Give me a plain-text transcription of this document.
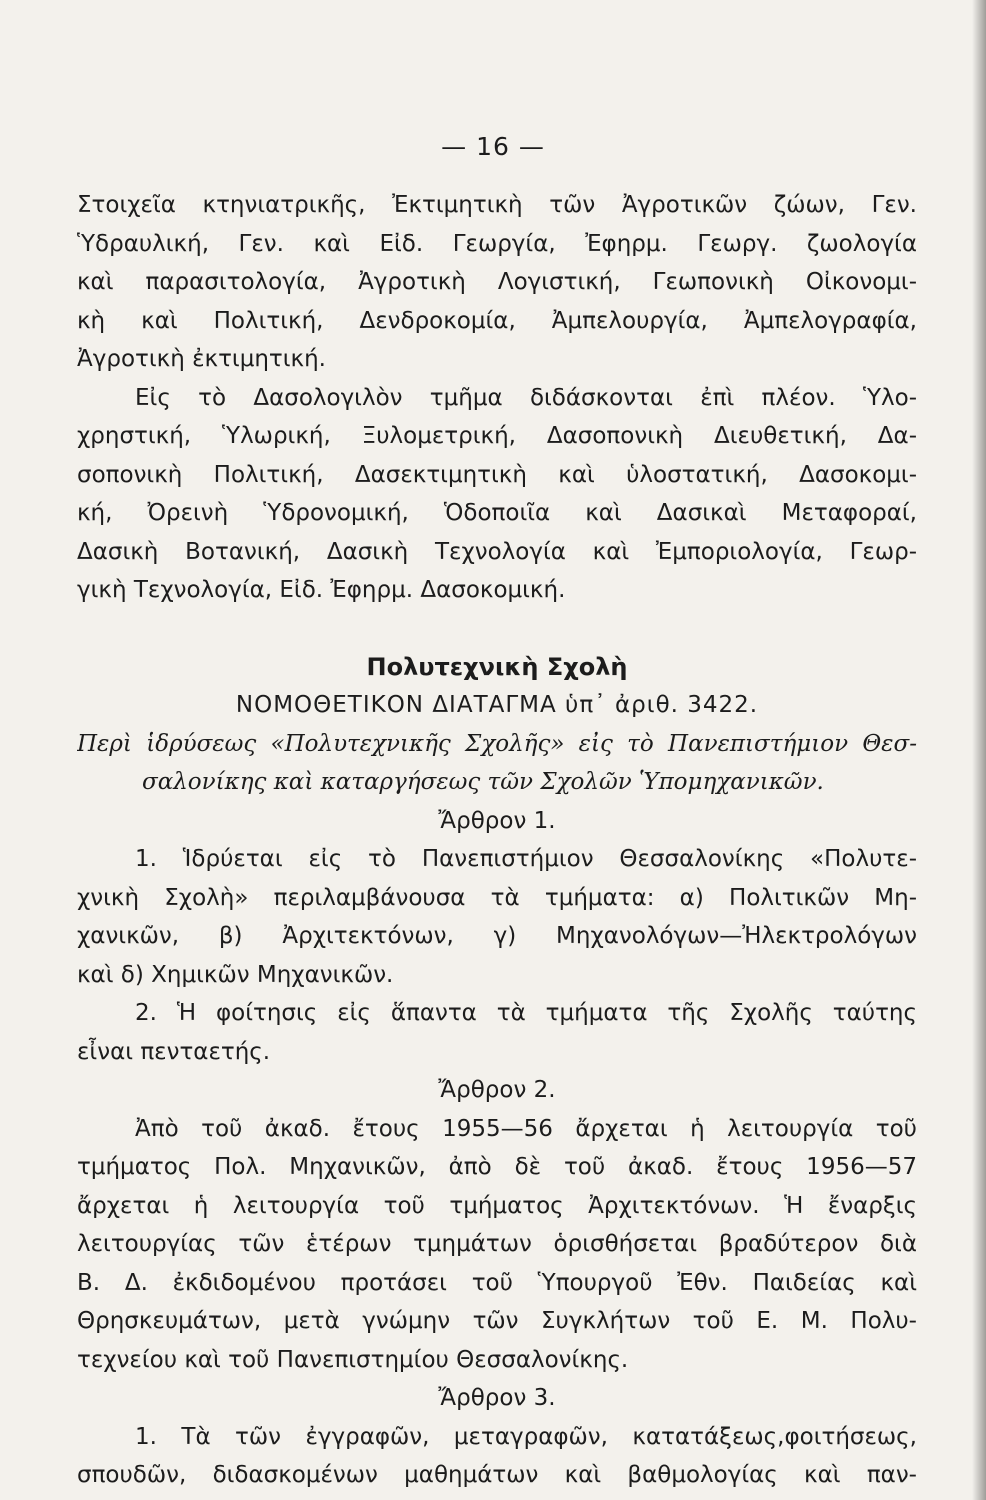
— 16 —
Στοιχεῖα κτηνιατρικῆς, Ἐκτιμητικὴ τῶν Ἀγροτικῶν ζώων, Γεν.
Ὑδραυλική, Γεν. καὶ Εἰδ. Γεωργία, Ἐφηρμ. Γεωργ. ζωολογία
καὶ παρασιτολογία, Ἀγροτικὴ Λογιστική, Γεωπονικὴ Οἰκονομι-
κὴ καὶ Πολιτική, Δενδροκομία, Ἀμπελουργία, Ἀμπελογραφία,
Ἀγροτικὴ ἐκτιμητική.
Εἰς τὸ Δασολογιλὸν τμῆμα διδάσκονται ἐπὶ πλέον. Ὑλο-
χρηστική, Ὑλωρική, Ξυλομετρική, Δασοπονικὴ Διευθετική, Δα-
σοπονικὴ Πολιτική, Δασεκτιμητικὴ καὶ ὑλοστατική, Δασοκομι-
κή, Ὀρεινὴ Ὑδρονομική, Ὁδοποιῖα καὶ Δασικαὶ Μεταφοραί,
Δασικὴ Βοτανική, Δασικὴ Τεχνολογία καὶ Ἐμποριολογία, Γεωρ-
γικὴ Τεχνολογία, Εἰδ. Ἐφηρμ. Δασοκομική.
Πολυτεχνικὴ Σχολὴ
ΝΟΜΟΘΕΤΙΚΟΝ ΔΙΑΤΑΓΜΑ ὑπ᾽ ἀριθ. 3422.
Περὶ ἱδρύσεως «Πολυτεχνικῆς Σχολῆς» εἰς τὸ Πανεπιστήμιον Θεσ-
σαλονίκης καὶ καταργήσεως τῶν Σχολῶν Ὑπομηχανικῶν.
Ἄρθρον 1.
1. Ἱδρύεται εἰς τὸ Πανεπιστήμιον Θεσσαλονίκης «Πολυτε-
χνικὴ Σχολὴ» περιλαμβάνουσα τὰ τμήματα: α) Πολιτικῶν Μη-
χανικῶν, β) Ἀρχιτεκτόνων, γ) Μηχανολόγων—Ἠλεκτρολόγων
καὶ δ) Χημικῶν Μηχανικῶν.
2. Ἡ φοίτησις εἰς ἅπαντα τὰ τμήματα τῆς Σχολῆς ταύτης
εἶναι πενταετής.
Ἄρθρον 2.
Ἀπὸ τοῦ ἀκαδ. ἔτους 1955—56 ἄρχεται ἡ λειτουργία τοῦ
τμήματος Πολ. Μηχανικῶν, ἀπὸ δὲ τοῦ ἀκαδ. ἔτους 1956—57
ἄρχεται ἡ λειτουργία τοῦ τμήματος Ἀρχιτεκτόνων. Ἡ ἔναρξις
λειτουργίας τῶν ἑτέρων τμημάτων ὁρισθήσεται βραδύτερον διὰ
Β. Δ. ἐκδιδομένου προτάσει τοῦ Ὑπουργοῦ Ἐθν. Παιδείας καὶ
Θρησκευμάτων, μετὰ γνώμην τῶν Συγκλήτων τοῦ Ε. Μ. Πολυ-
τεχνείου καὶ τοῦ Πανεπιστημίου Θεσσαλονίκης.
Ἄρθρον 3.
1. Τὰ τῶν ἐγγραφῶν, μεταγραφῶν, κατατάξεως,φοιτήσεως,
σπουδῶν, διδασκομένων μαθημάτων καὶ βαθμολογίας καὶ παν-
